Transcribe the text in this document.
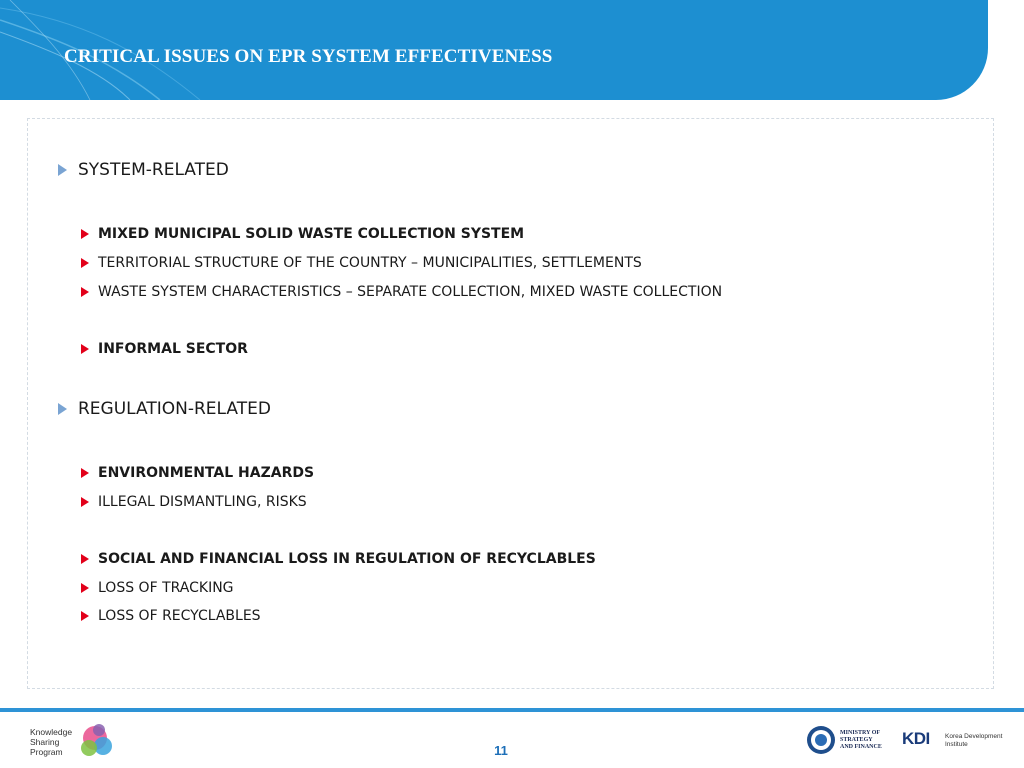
CRITICAL ISSUES ON EPR SYSTEM EFFECTIVENESS
SYSTEM-RELATED
MIXED MUNICIPAL SOLID WASTE COLLECTION SYSTEM
TERRITORIAL STRUCTURE OF THE COUNTRY – MUNICIPALITIES, SETTLEMENTS
WASTE SYSTEM CHARACTERISTICS – SEPARATE COLLECTION, MIXED WASTE COLLECTION
INFORMAL SECTOR
REGULATION-RELATED
ENVIRONMENTAL HAZARDS
ILLEGAL DISMANTLING, RISKS
SOCIAL AND FINANCIAL LOSS IN REGULATION OF RECYCLABLES
LOSS OF TRACKING
LOSS OF RECYCLABLES
Knowledge
Sharing
Program	11
MINISTRY OF
STRATEGY
AND FINANCE KDI Korea Development
Institute
